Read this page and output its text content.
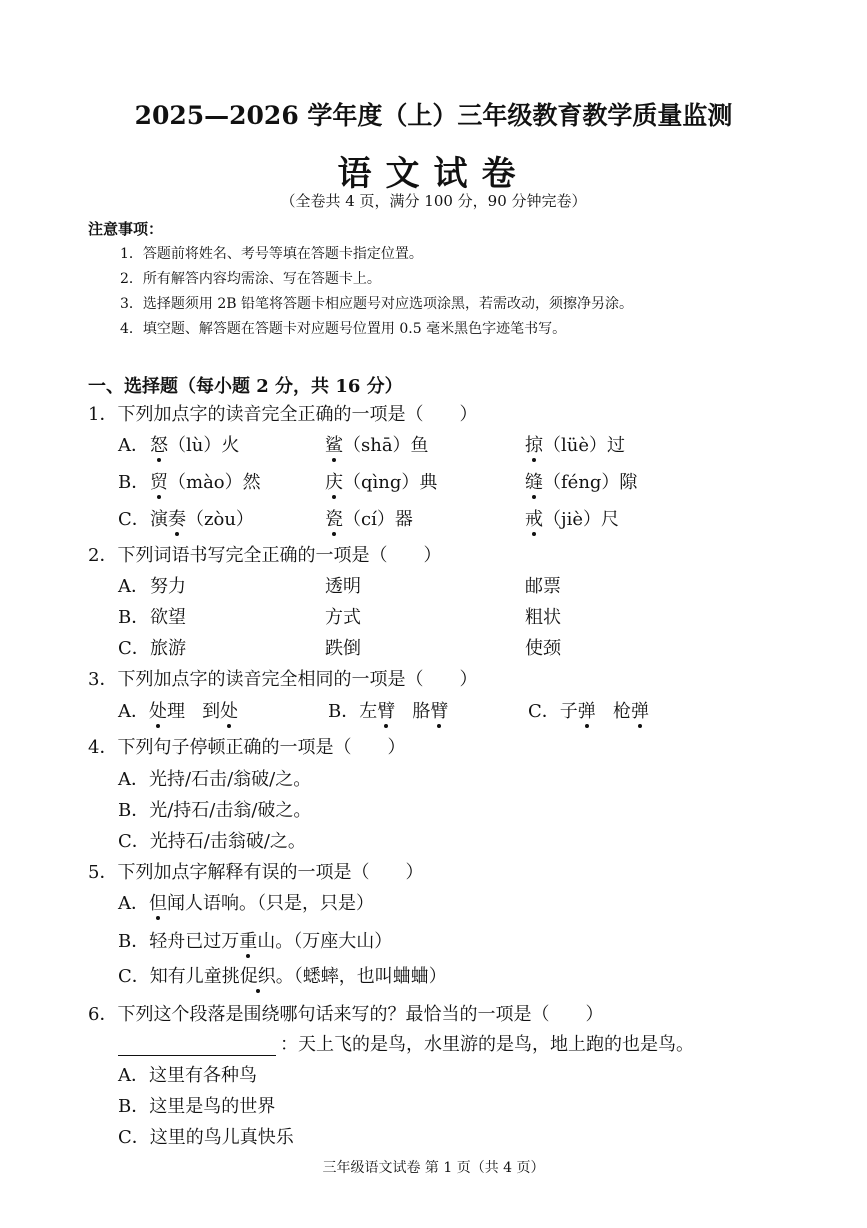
2025—2026 学年度（上）三年级教育教学质量监测
语文试卷
（全卷共 4 页，满分 100 分，90 分钟完卷）
注意事项：
1．答题前将姓名、考号等填在答题卡指定位置。
2．所有解答内容均需涂、写在答题卡上。
3．选择题须用 2B 铅笔将答题卡相应题号对应选项涂黑，若需改动，须擦净另涂。
4．填空题、解答题在答题卡对应题号位置用 0.5 毫米黑色字迹笔书写。
一、选择题（每小题 2 分，共 16 分）
1．下列加点字的读音完全正确的一项是（　　）
A． 怒（lù）火	鲨（shā）鱼	掠（lüè）过
B． 贸（mào）然	庆（qìng）典	缝（féng）隙
C． 演奏（zòu）	瓷（cí）器	戒（jiè）尺
2．下列词语书写完全正确的一项是（　　）
A． 努力	透明	邮票
B． 欲望	方式	粗状
C． 旅游	跌倒	使颈
3．下列加点字的读音完全相同的一项是（　　）
A．处理 到处	B．左臂 胳臂	C．子弹 枪弹
4．下列句子停顿正确的一项是（　　）
A．光持/石击/翁破/之。
B．光/持石/击翁/破之。
C．光持石/击翁破/之。
5．下列加点字解释有误的一项是（　　）
A．但闻人语响。（只是，只是）
B．轻舟已过万重山。（万座大山）
C．知有儿童挑促织。（蟋蟀，也叫蛐蛐）
6．下列这个段落是围绕哪句话来写的？最恰当的一项是（　　）
：天上飞的是鸟，水里游的是鸟，地上跑的也是鸟。
A．这里有各种鸟
B．这里是鸟的世界
C．这里的鸟儿真快乐
三年级语文试卷 第 1 页（共 4 页）
